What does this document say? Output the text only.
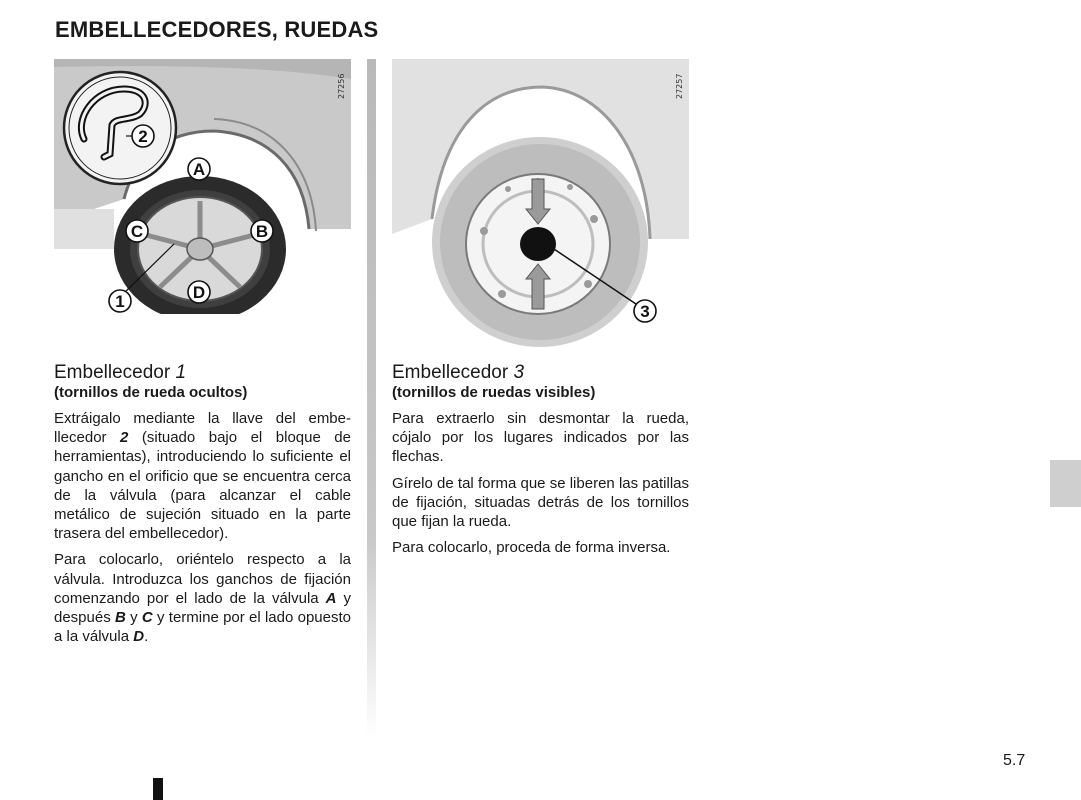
EMBELLECEDORES, RUEDAS
2
A
C	B
D
1
27256
3
27257

Embellecedor 1

(tornillos de rueda ocultos)

Extráigalo mediante la llave del embellecedor 2 (situado bajo el bloque de herramientas), introduciendo lo suficiente el gancho en el orificio que se encuentra cerca de la válvula (para alcanzar el cable metálico de sujeción situado en la parte trasera del embellecedor).

Para colocarlo, oriéntelo respecto a la válvula. Introduzca los ganchos de fijación comenzando por el lado de la válvula A y después B y C y termine por el lado opuesto a la válvula D.

Embellecedor 3

(tornillos de ruedas visibles)

Para extraerlo sin desmontar la rueda, cójalo por los lugares indicados por las flechas.

Gírelo de tal forma que se liberen las patillas de fijación, situadas detrás de los tornillos que fijan la rueda.

Para colocarlo, proceda de forma inversa.

5.7
